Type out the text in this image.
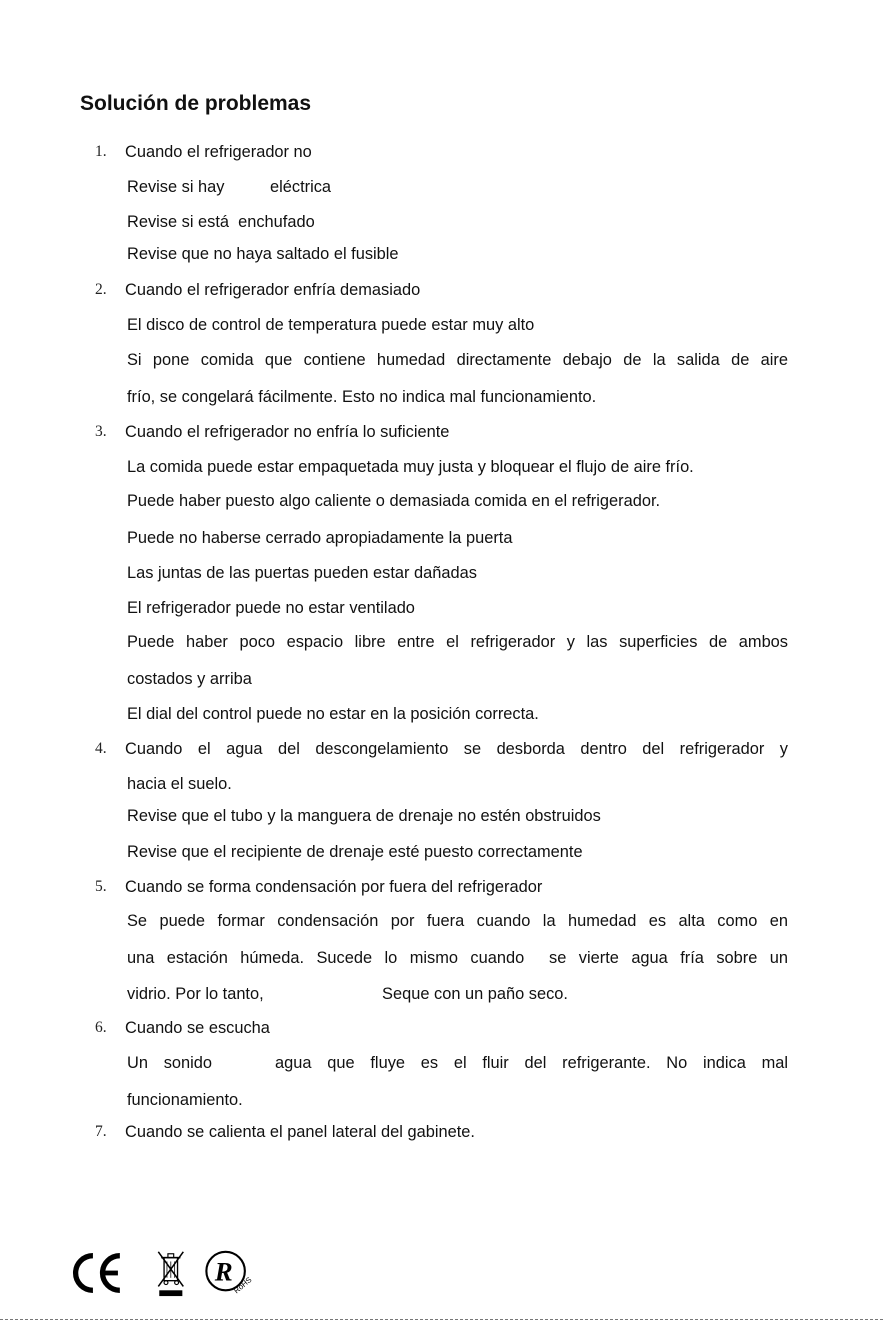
Solución de problemas
1. Cuando el refrigerador no
Revise si hay          eléctrica
Revise si está  enchufado
Revise que no haya saltado el fusible
2. Cuando el refrigerador enfría demasiado
El disco de control de temperatura puede estar muy alto
Si pone comida que contiene humedad directamente debajo de la salida de aire
frío, se congelará fácilmente. Esto no indica mal funcionamiento.
3. Cuando el refrigerador no enfría lo suficiente
La comida puede estar empaquetada muy justa y bloquear el flujo de aire frío.
Puede haber puesto algo caliente o demasiada comida en el refrigerador.
Puede no haberse cerrado apropiadamente la puerta
Las juntas de las puertas pueden estar dañadas
El refrigerador puede no estar ventilado
Puede haber poco espacio libre entre el refrigerador y las superficies de ambos
costados y arriba
El dial del control puede no estar en la posición correcta.
4. Cuando el agua del descongelamiento se desborda dentro del refrigerador y
hacia el suelo.
Revise que el tubo y la manguera de drenaje no estén obstruidos
Revise que el recipiente de drenaje esté puesto correctamente
5. Cuando se forma condensación por fuera del refrigerador
Se puede formar condensación por fuera cuando la humedad es alta como en
una estación húmeda. Sucede lo mismo cuando  se vierte agua fría sobre un
vidrio. Por lo tanto,                          Seque con un paño seco.
6. Cuando se escucha
Un sonido    agua que fluye es el fluir del refrigerante. No indica mal
funcionamiento.
7. Cuando se calienta el panel lateral del gabinete.
R RoHS
